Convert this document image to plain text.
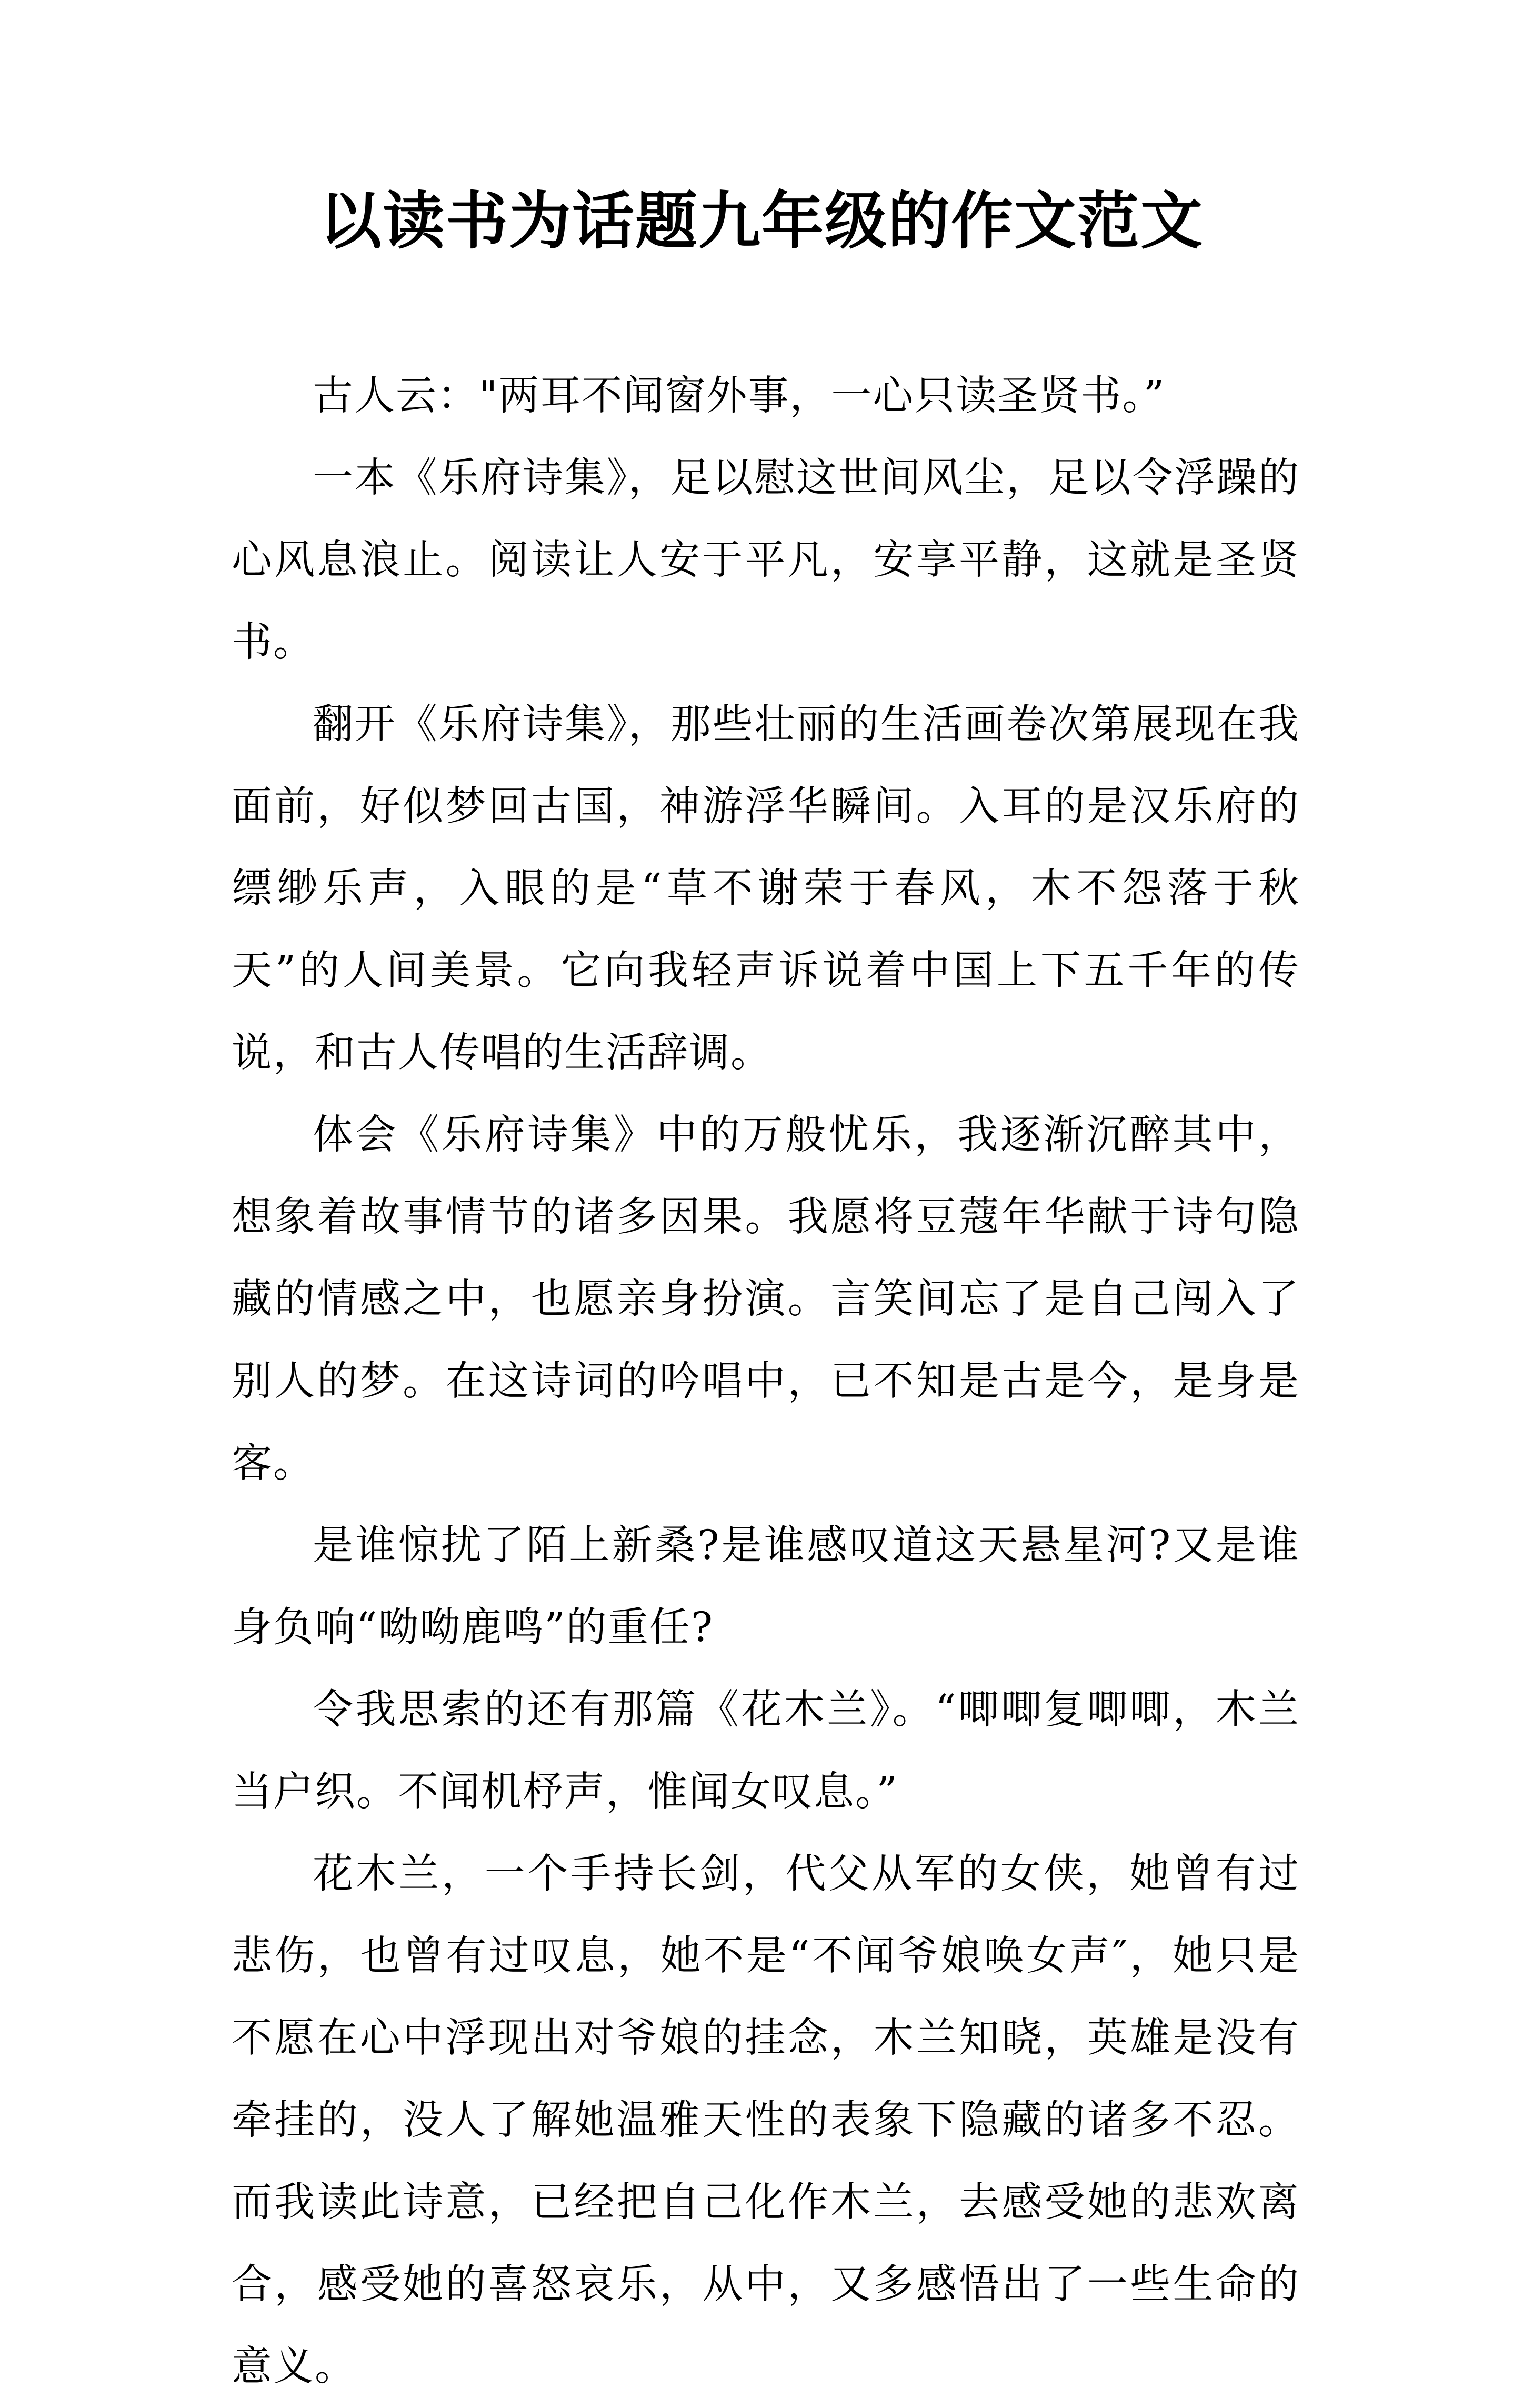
以读书为话题九年级的作文范文

古人云："两耳不闻窗外事，一心只读圣贤书。”

一本《乐府诗集》，足以慰这世间风尘，足以令浮躁的心风息浪止。阅读让人安于平凡，安享平静，这就是圣贤书。

翻开《乐府诗集》，那些壮丽的生活画卷次第展现在我面前，好似梦回古国，神游浮华瞬间。入耳的是汉乐府的缥缈乐声，入眼的是“草不谢荣于春风，木不怨落于秋天”的人间美景。它向我轻声诉说着中国上下五千年的传说，和古人传唱的生活辞调。

体会《乐府诗集》中的万般忧乐，我逐渐沉醉其中，想象着故事情节的诸多因果。我愿将豆蔻年华献于诗句隐藏的情感之中，也愿亲身扮演。言笑间忘了是自己闯入了别人的梦。在这诗词的吟唱中，已不知是古是今，是身是客。

是谁惊扰了陌上新桑?是谁感叹道这天悬星河?又是谁身负响“呦呦鹿鸣”的重任?

令我思索的还有那篇《花木兰》。“唧唧复唧唧，木兰当户织。不闻机杼声，惟闻女叹息。”

花木兰，一个手持长剑，代父从军的女侠，她曾有过悲伤，也曾有过叹息，她不是“不闻爷娘唤女声″，她只是不愿在心中浮现出对爷娘的挂念，木兰知晓，英雄是没有牵挂的，没人了解她温雅天性的表象下隐藏的诸多不忍。而我读此诗意，已经把自己化作木兰，去感受她的悲欢离合，感受她的喜怒哀乐，从中，又多感悟出了一些生命的意义。
